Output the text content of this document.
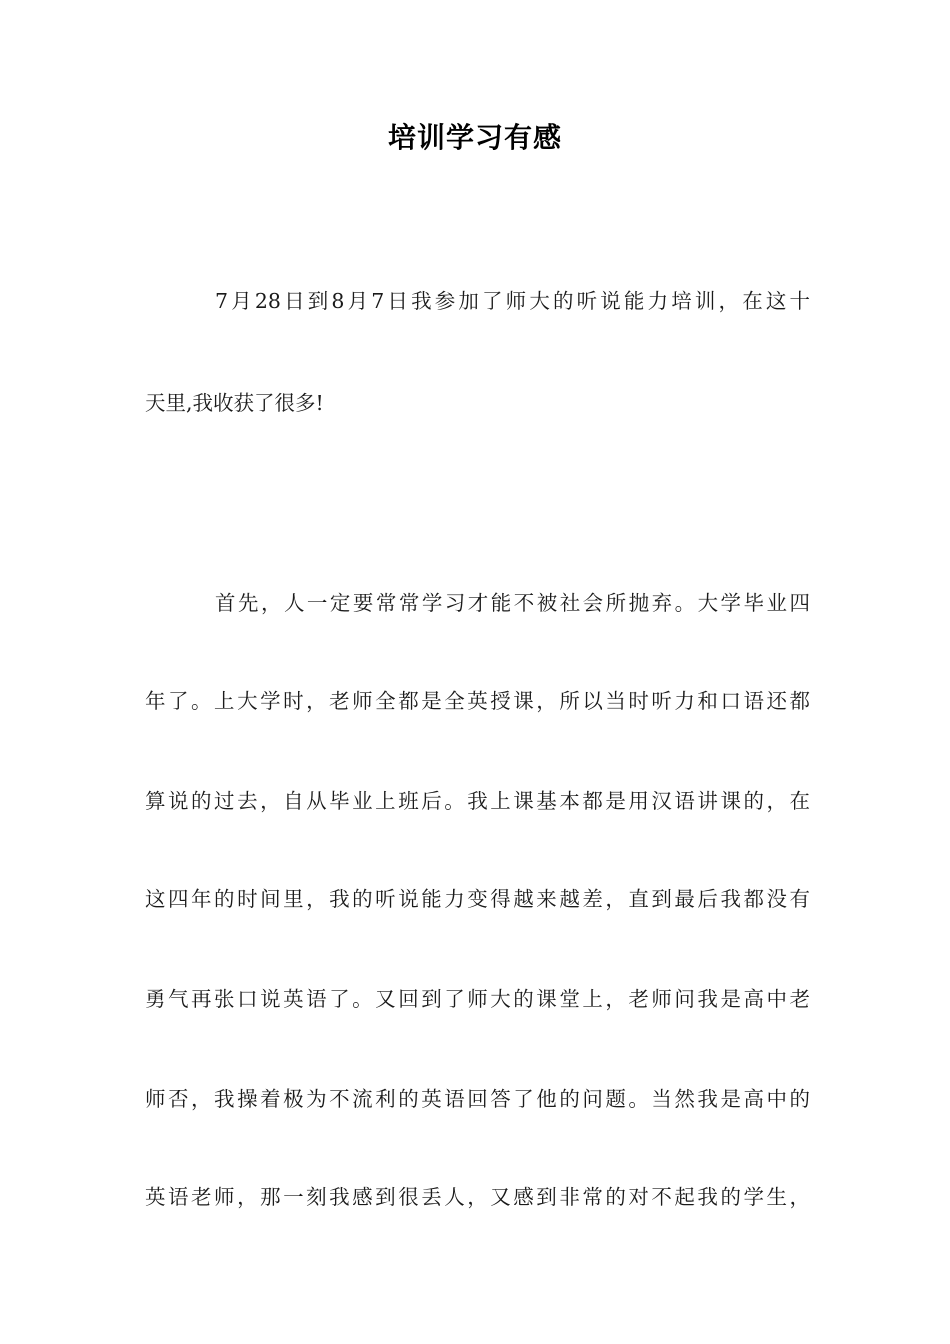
培训学习有感
7月28日到8月7日我参加了师大的听说能力培训，在这十
天里,我收获了很多!
首先，人一定要常常学习才能不被社会所抛弃。大学毕业四
年了。上大学时，老师全都是全英授课，所以当时听力和口语还都
算说的过去，自从毕业上班后。我上课基本都是用汉语讲课的，在
这四年的时间里，我的听说能力变得越来越差，直到最后我都没有
勇气再张口说英语了。又回到了师大的课堂上，老师问我是高中老
师否，我操着极为不流利的英语回答了他的问题。当然我是高中的
英语老师，那一刻我感到很丢人，又感到非常的对不起我的学生，
